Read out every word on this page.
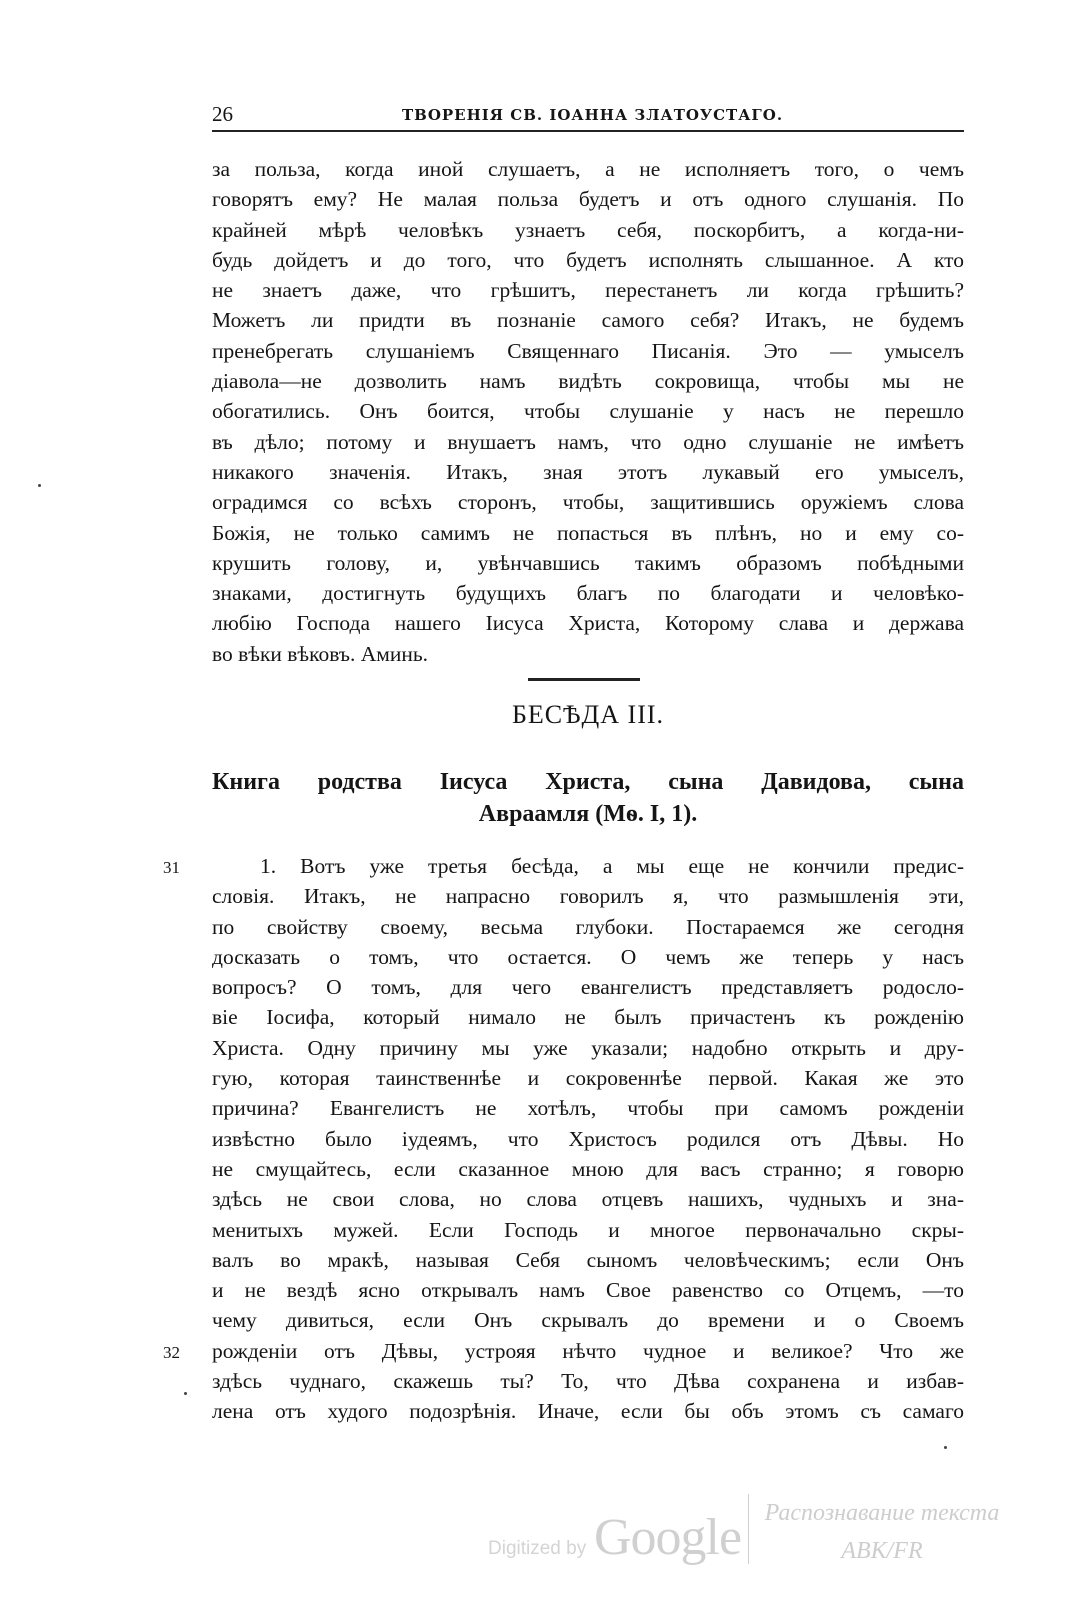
26	ТВОРЕНІЯ СВ. ІОАННА ЗЛАТОУСТАГО.
за польза, когда иной слушаетъ, а не исполняетъ того, о чемъ
говорятъ ему? Не малая польза будетъ и отъ одного слушанія. По
крайней мѣрѣ человѣкъ узнаетъ себя, поскорбитъ, а когда-ни-
будь дойдетъ и до того, что будетъ исполнять слышанное. А кто
не знаетъ даже, что грѣшитъ, перестанетъ ли когда грѣшить?
Можетъ ли придти въ познаніе самого себя? Итакъ, не будемъ
пренебрегать слушаніемъ Священнаго Писанія. Это — умыселъ
діавола—не дозволить намъ видѣть сокровища, чтобы мы не
обогатились. Онъ боится, чтобы слушаніе у насъ не перешло
въ дѣло; потому и внушаетъ намъ, что одно слушаніе не имѣетъ
никакого значенія. Итакъ, зная этотъ лукавый его умыселъ,
оградимся со всѣхъ сторонъ, чтобы, защитившись оружіемъ слова
Божія, не только самимъ не попасться въ плѣнъ, но и ему со-
крушить голову, и, увѣнчавшись такимъ образомъ побѣдными
знаками, достигнуть будущихъ благъ по благодати и человѣко-
любію Господа нашего Іисуса Христа, Которому слава и держава
во вѣки вѣковъ. Аминь.
БЕСѢДА III.
Книга родства Іисуса Христа, сына Давидова, сына
Авраамля (Мѳ. I, 1).
31
32
1. Вотъ уже третья бесѣда, а мы еще не кончили предис-
словія. Итакъ, не напрасно говорилъ я, что размышленія эти,
по свойству своему, весьма глубоки. Постараемся же сегодня
досказать о томъ, что остается. О чемъ же теперь у насъ
вопросъ? О томъ, для чего евангелистъ представляетъ родосло-
віе Іосифа, который нимало не былъ причастенъ къ рожденію
Христа. Одну причину мы уже указали; надобно открыть и дру-
гую, которая таинственнѣе и сокровеннѣе первой. Какая же это
причина? Евангелистъ не хотѣлъ, чтобы при самомъ рожденіи
извѣстно было іудеямъ, что Христосъ родился отъ Дѣвы. Но
не смущайтесь, если сказанное мною для васъ странно; я говорю
здѣсь не свои слова, но слова отцевъ нашихъ, чудныхъ и зна-
менитыхъ мужей. Если Господь и многое первоначально скры-
валъ во мракѣ, называя Себя сыномъ человѣческимъ; если Онъ
и не вездѣ ясно открывалъ намъ Свое равенство со Отцемъ, —то
чему дивиться, если Онъ скрывалъ до времени и о Своемъ
рожденіи отъ Дѣвы, устрояя нѣчто чудное и великое? Что же
здѣсь чуднаго, скажешь ты? То, что Дѣва сохранена и избав-
лена отъ худого подозрѣнія. Иначе, если бы объ этомъ съ самаго
Digitized by Google Распознавание текста
АВК/FR
